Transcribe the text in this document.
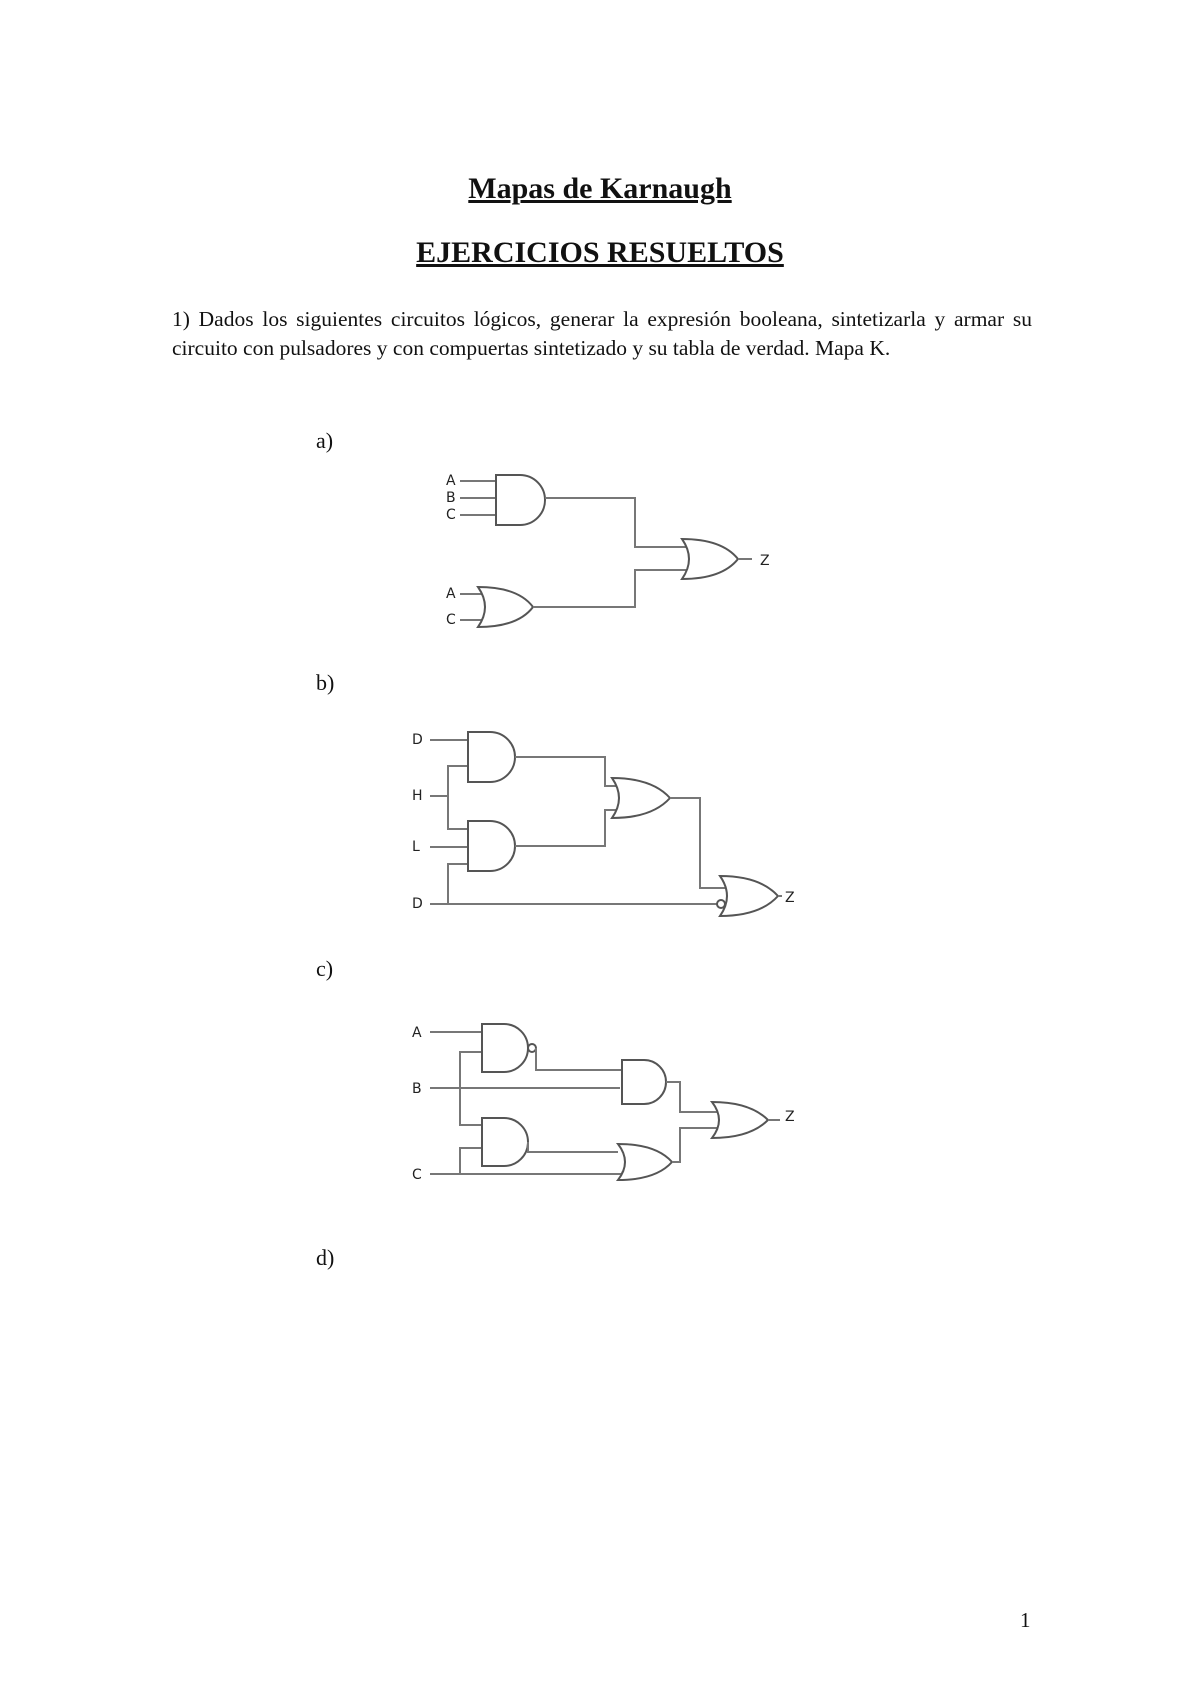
Mapas de Karnaugh
EJERCICIOS RESUELTOS
1) Dados los siguientes circuitos lógicos, generar la expresión booleana, sintetizarla y armar su circuito con pulsadores y con compuertas sintetizado y su tabla de verdad. Mapa K.
a)
b)
c)
d)
A
B
C
A
C
Z
D
H
L
D	Z
A
B
C
Z
1
